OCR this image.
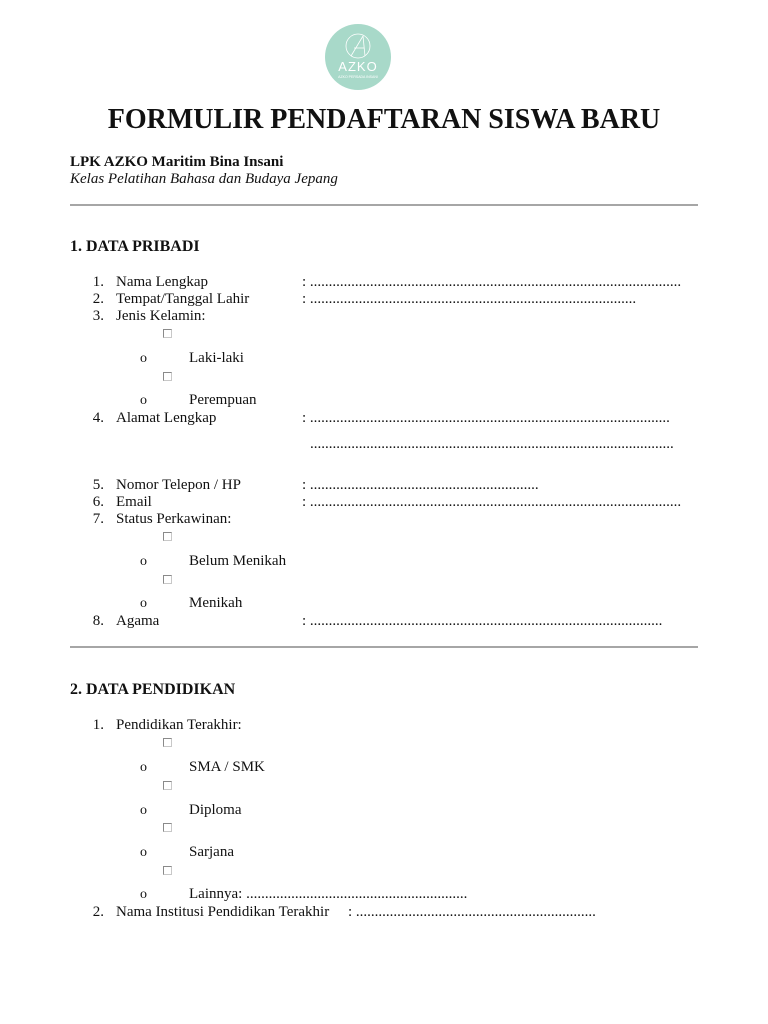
AZKO
AZKO PERSADA INSANI
FORMULIR PENDAFTARAN SISWA BARU
LPK AZKO Maritim Bina Insani
Kelas Pelatihan Bahasa dan Budaya Jepang
1. DATA PRIBADI
1. Nama Lengkap	: ...................................................................................................
2. Tempat/Tanggal Lahir	: .......................................................................................
3. Jenis Kelamin:
o	Laki-laki
o	Perempuan
4. Alamat Lengkap	: ................................................................................................
.................................................................................................
5. Nomor Telepon / HP	: .............................................................
6. Email	: ...................................................................................................
7. Status Perkawinan:
o	Belum Menikah
o	Menikah
8. Agama	: ..............................................................................................
2. DATA PENDIDIKAN
1. Pendidikan Terakhir:
o	SMA / SMK
o	Diploma
o	Sarjana
o	Lainnya: ...........................................................
2. Nama Institusi Pendidikan Terakhir : ................................................................
